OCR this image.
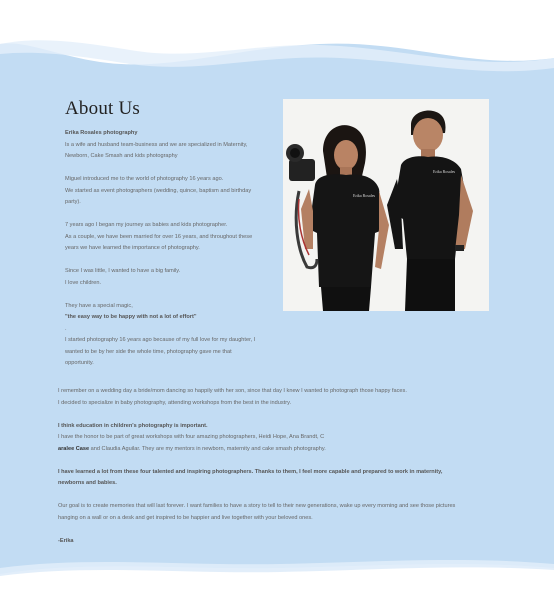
About Us

Erika Rosales photography

Is a wife and husband team-business and we are specialized in Maternity,

Newborn, Cake Smash and kids photography

Miguel introduced me to the world of photography 16 years ago.

We started as event photographers (wedding, quince, baptism and birthday

party).

7 years ago I began my journey as babies and kids photographer.

As a couple, we have been married for over 16 years, and throughout these

years we have learned the importance of photography.

Since I was little, I wanted to have a big family.

I love children.

They have a special magic,

"the easy way to be happy with not a lot of effort"

.

I started photography 16 years ago because of my full love for my daughter, I

wanted to be by her side the whole time, photography gave me that

opportunity.

Erika Rosales
Erika Rosales

I remember on a wedding day a bride/mom dancing so happily with her son, since that day I knew I wanted to photograph those happy faces.

I decided to specialize in baby photography, attending workshops from the best in the industry.

I think education in children's photography is important.

I have the honor to be part of great workshops with four amazing photographers, Heidi Hope, Ana Brandt, C

aralee Case and Claudia Aguilar. They are my mentors in newborn, maternity and cake smash photography.

I have learned a lot from these four talented and inspiring photographers. Thanks to them, I feel more capable and prepared to work in maternity,

newborns and babies.

Our goal is to create memories that will last forever. I want families to have a story to tell to their new generations, wake up every morning and see those pictures

hanging on a wall or on a desk and get inspired to be happier and live together with your beloved ones.

-Erika
